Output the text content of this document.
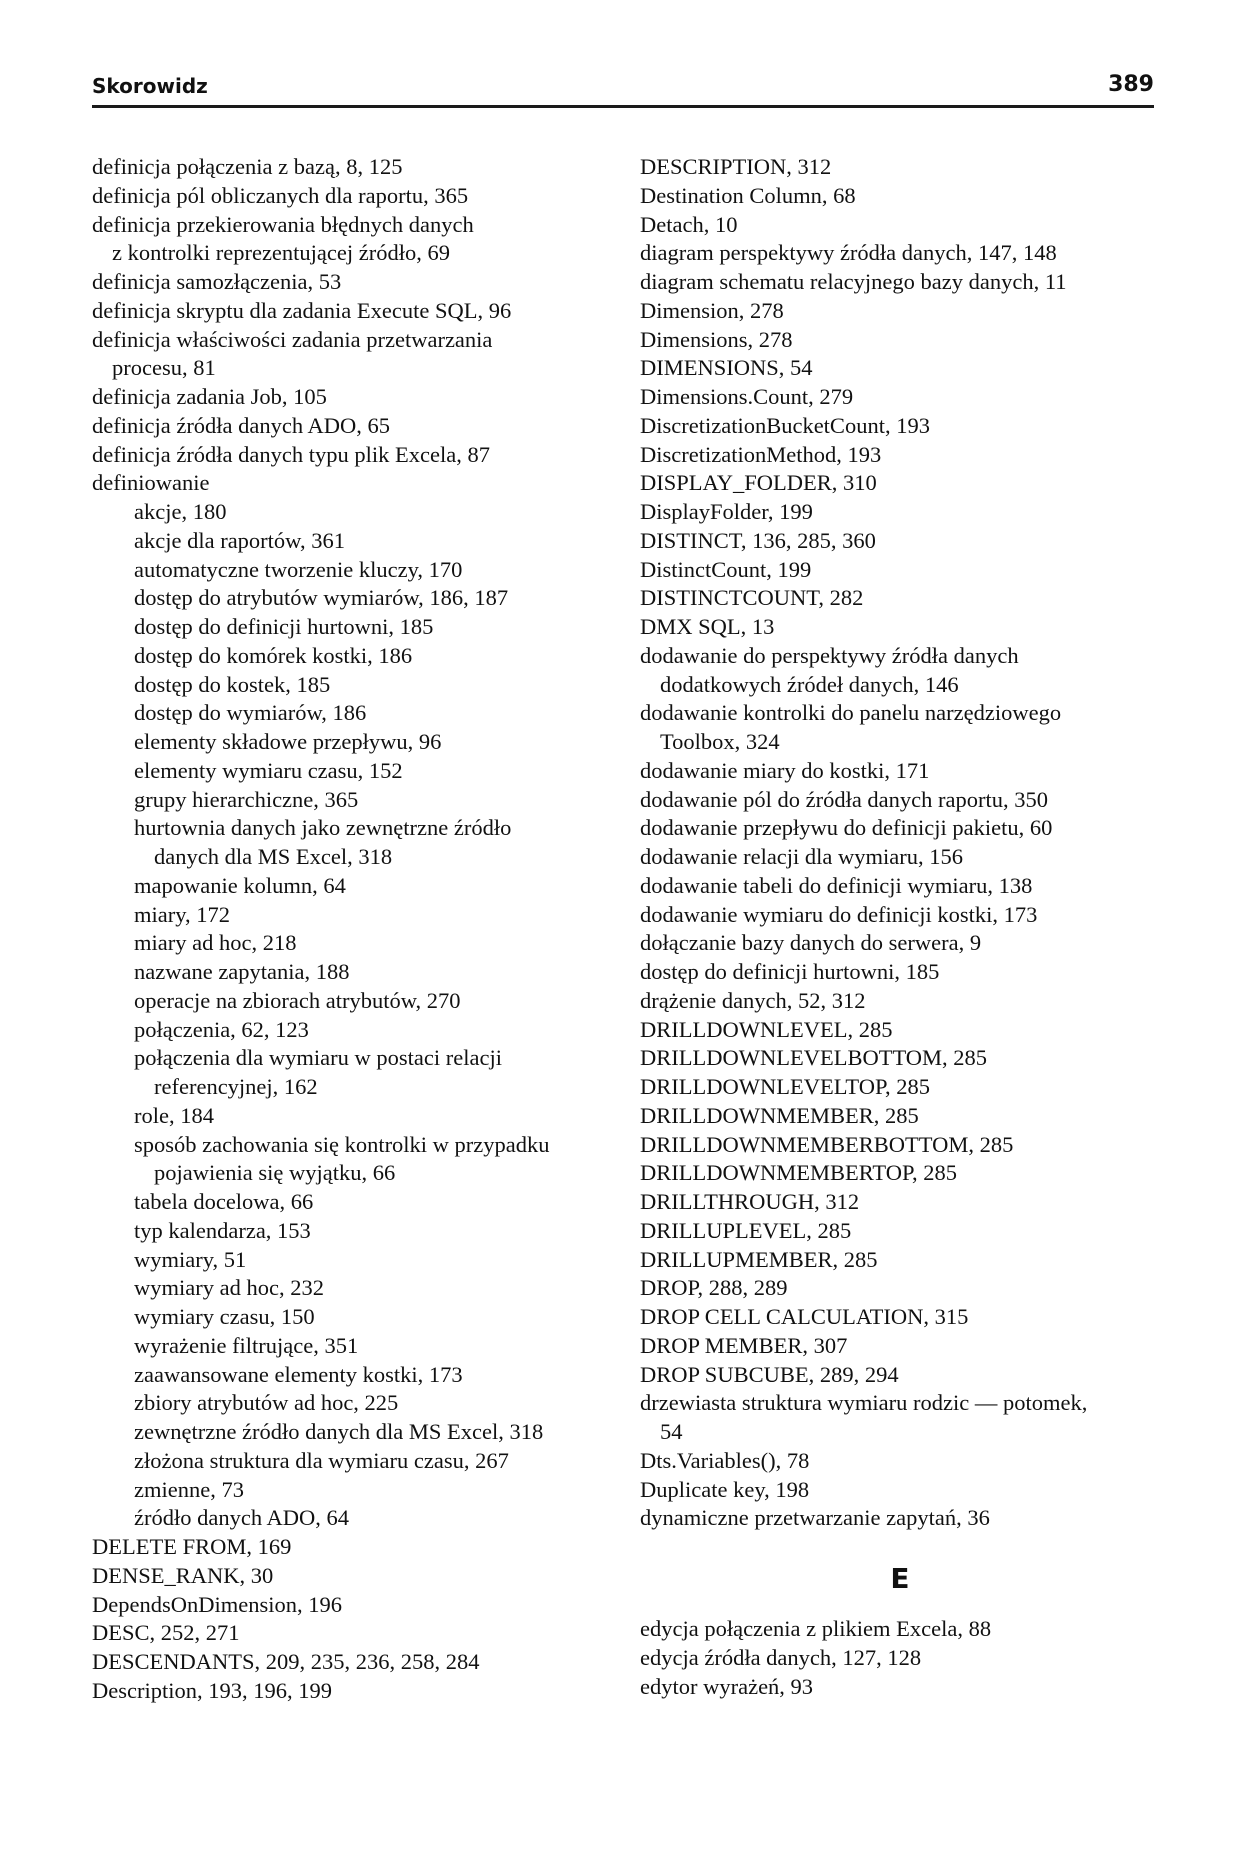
Skorowidz	389

definicja połączenia z bazą, 8, 125

definicja pól obliczanych dla raportu, 365

definicja przekierowania błędnych danych
z kontrolki reprezentującej źródło, 69

definicja samozłączenia, 53

definicja skryptu dla zadania Execute SQL, 96

definicja właściwości zadania przetwarzania
procesu, 81

definicja zadania Job, 105

definicja źródła danych ADO, 65

definicja źródła danych typu plik Excela, 87

definiowanie

akcje, 180

akcje dla raportów, 361

automatyczne tworzenie kluczy, 170

dostęp do atrybutów wymiarów, 186, 187

dostęp do definicji hurtowni, 185

dostęp do komórek kostki, 186

dostęp do kostek, 185

dostęp do wymiarów, 186

elementy składowe przepływu, 96

elementy wymiaru czasu, 152

grupy hierarchiczne, 365

hurtownia danych jako zewnętrzne źródło
danych dla MS Excel, 318

mapowanie kolumn, 64

miary, 172

miary ad hoc, 218

nazwane zapytania, 188

operacje na zbiorach atrybutów, 270

połączenia, 62, 123

połączenia dla wymiaru w postaci relacji
referencyjnej, 162

role, 184

sposób zachowania się kontrolki w przypadku
pojawienia się wyjątku, 66

tabela docelowa, 66

typ kalendarza, 153

wymiary, 51

wymiary ad hoc, 232

wymiary czasu, 150

wyrażenie filtrujące, 351

zaawansowane elementy kostki, 173

zbiory atrybutów ad hoc, 225

zewnętrzne źródło danych dla MS Excel, 318

złożona struktura dla wymiaru czasu, 267

zmienne, 73

źródło danych ADO, 64

DELETE FROM, 169

DENSE_RANK, 30

DependsOnDimension, 196

DESC, 252, 271

DESCENDANTS, 209, 235, 236, 258, 284

Description, 193, 196, 199

DESCRIPTION, 312

Destination Column, 68

Detach, 10

diagram perspektywy źródła danych, 147, 148

diagram schematu relacyjnego bazy danych, 11

Dimension, 278

Dimensions, 278

DIMENSIONS, 54

Dimensions.Count, 279

DiscretizationBucketCount, 193

DiscretizationMethod, 193

DISPLAY_FOLDER, 310

DisplayFolder, 199

DISTINCT, 136, 285, 360

DistinctCount, 199

DISTINCTCOUNT, 282

DMX SQL, 13

dodawanie do perspektywy źródła danych
dodatkowych źródeł danych, 146

dodawanie kontrolki do panelu narzędziowego
Toolbox, 324

dodawanie miary do kostki, 171

dodawanie pól do źródła danych raportu, 350

dodawanie przepływu do definicji pakietu, 60

dodawanie relacji dla wymiaru, 156

dodawanie tabeli do definicji wymiaru, 138

dodawanie wymiaru do definicji kostki, 173

dołączanie bazy danych do serwera, 9

dostęp do definicji hurtowni, 185

drążenie danych, 52, 312

DRILLDOWNLEVEL, 285

DRILLDOWNLEVELBOTTOM, 285

DRILLDOWNLEVELTOP, 285

DRILLDOWNMEMBER, 285

DRILLDOWNMEMBERBOTTOM, 285

DRILLDOWNMEMBERTOP, 285

DRILLTHROUGH, 312

DRILLUPLEVEL, 285

DRILLUPMEMBER, 285

DROP, 288, 289

DROP CELL CALCULATION, 315

DROP MEMBER, 307

DROP SUBCUBE, 289, 294

drzewiasta struktura wymiaru rodzic — potomek,
54

Dts.Variables(), 78

Duplicate key, 198

dynamiczne przetwarzanie zapytań, 36

E

edycja połączenia z plikiem Excela, 88

edycja źródła danych, 127, 128

edytor wyrażeń, 93
